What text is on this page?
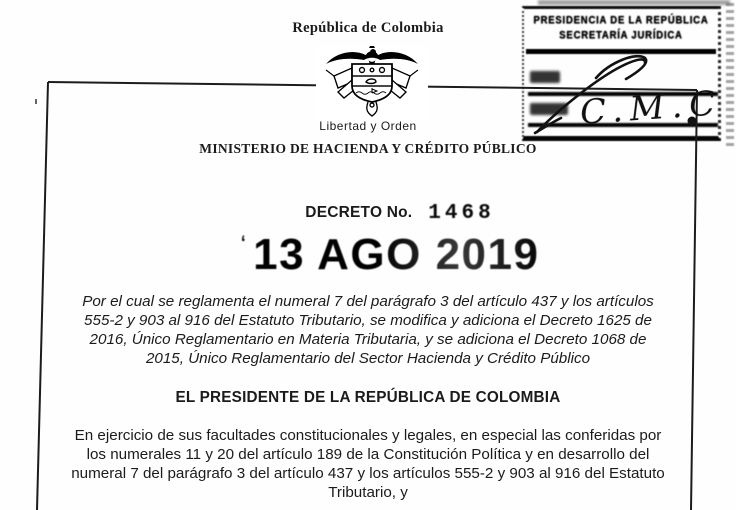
PRESIDENCIA DE LA REPÚBLICA
SECRETARÍA JURÍDICA
C.M.C
República de Colombia
Libertad y Orden
MINISTERIO DE HACIENDA Y CRÉDITO PÚBLICO
DECRETO No. 1468
‘ 13 AGO 2019
Por el cual se reglamenta el numeral 7 del parágrafo 3 del artículo 437 y los artículos
555-2 y 903 al 916 del Estatuto Tributario, se modifica y adiciona el Decreto 1625 de
2016, Único Reglamentario en Materia Tributaria, y se adiciona el Decreto 1068 de
2015, Único Reglamentario del Sector Hacienda y Crédito Público
EL PRESIDENTE DE LA REPÚBLICA DE COLOMBIA
En ejercicio de sus facultades constitucionales y legales, en especial las conferidas por
los numerales 11 y 20 del artículo 189 de la Constitución Política y en desarrollo del
numeral 7 del parágrafo 3 del artículo 437 y los artículos 555-2 y 903 al 916 del Estatuto
Tributario, y
